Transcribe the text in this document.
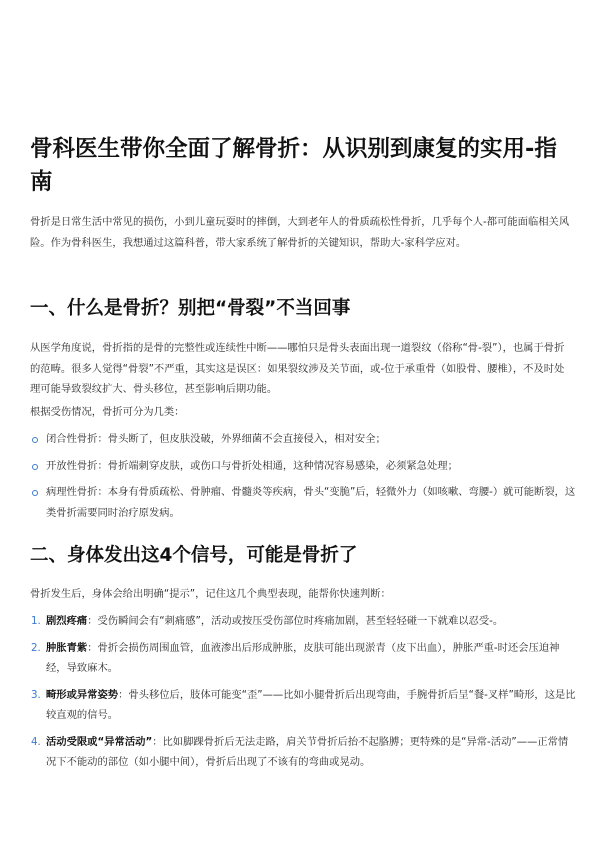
骨科医生带你全面了解骨折：从识别到康复的实用-指南
骨折是日常生活中常见的损伤，小到儿童玩耍时的摔倒，大到老年人的骨质疏松性骨折，几乎每个人-都可能面临相关风险。作为骨科医生，我想通过这篇科普，带大家系统了解骨折的关键知识，帮助大-家科学应对。
一、什么是骨折？别把“骨裂”不当回事
从医学角度说，骨折指的是骨的完整性或连续性中断——哪怕只是骨头表面出现一道裂纹（俗称“骨-裂”），也属于骨折的范畴。很多人觉得“骨裂”不严重，其实这是误区：如果裂纹涉及关节面，或-位于承重骨（如股骨、腰椎），不及时处理可能导致裂纹扩大、骨头移位，甚至影响后期功能。
根据受伤情况，骨折可分为几类：
闭合性骨折：骨头断了，但皮肤没破，外界细菌不会直接侵入，相对安全；
开放性骨折：骨折端刺穿皮肤，或伤口与骨折处相通，这种情况容易感染，必须紧急处理；
病理性骨折：本身有骨质疏松、骨肿瘤、骨髓炎等疾病，骨头“变脆”后，轻微外力（如咳嗽、弯腰-）就可能断裂，这类骨折需要同时治疗原发病。
二、身体发出这4个信号，可能是骨折了
骨折发生后，身体会给出明确“提示”，记住这几个典型表现，能帮你快速判断：
1. 剧烈疼痛：受伤瞬间会有“刺痛感”，活动或按压受伤部位时疼痛加剧，甚至轻轻碰一下就难以忍受-。
2. 肿胀青紫：骨折会损伤周围血管，血液渗出后形成肿胀，皮肤可能出现淤青（皮下出血），肿胀严重-时还会压迫神经，导致麻木。
3. 畸形或异常姿势：骨头移位后，肢体可能变“歪”——比如小腿骨折后出现弯曲，手腕骨折后呈“餐-叉样”畸形，这是比较直观的信号。
4. 活动受限或“异常活动”：比如脚踝骨折后无法走路，肩关节骨折后抬不起胳膊；更特殊的是“异常-活动”——正常情况下不能动的部位（如小腿中间），骨折后出现了不该有的弯曲或晃动。
